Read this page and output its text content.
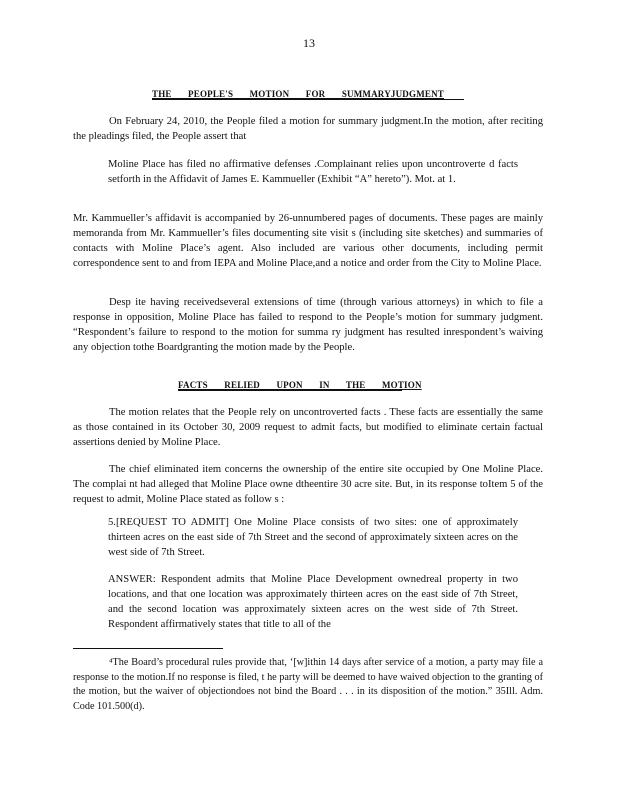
13
THE PEOPLE'S MOTION FOR SUMMARYJUDGMENT

On February 24, 2010, the People filed a motion for summary judgment.In the motion, after reciting the pleadings filed, the People assert that

Moline Place has filed no affirmative defenses .Complainant relies upon uncontroverte d facts setforth in the Affidavit of James E. Kammueller (Exhibit “A” hereto”). Mot. at 1.

Mr. Kammueller’s affidavit is accompanied by 26-unnumbered pages of documents. These pages are mainly memoranda from Mr. Kammueller’s files documenting site visit s (including site sketches) and summaries of contacts with Moline Place’s agent. Also included are various other documents, including permit correspondence sent to and from IEPA and Moline Place,and a notice and order from the City to Moline Place.

Desp ite having receivedseveral extensions of time (through various attorneys) in which to file a response in opposition, Moline Place has failed to respond to the People’s motion for summary judgment. “Respondent’s failure to respond to the motion for summa ry judgment has resulted inrespondent’s waiving any objection tothe Boardgranting the motion made by the People.

FACTS RELIED UPON IN THE MOTION

The motion relates that the People rely on uncontroverted facts . These facts are essentially the same as those contained in its October 30, 2009 request to admit facts, but modified to eliminate certain factual assertions denied by Moline Place.

The chief eliminated item concerns the ownership of the entire site occupied by One Moline Place. The complai nt had alleged that Moline Place owne dtheentire 30 acre site. But, in its response toItem 5 of the request to admit, Moline Place stated as follow s :

5.[REQUEST TO ADMIT] One Moline Place consists of two sites: one of approximately thirteen acres on the east side of 7th Street and the second of approximately sixteen acres on the west side of 7th Street.

ANSWER: Respondent admits that Moline Place Development ownedreal property in two locations, and that one location was approximately thirteen acres on the east side of 7th Street, and the second location was approximately sixteen acres on the west side of 7th Street. Respondent affirmatively states that title to all of the

⁴The Board’s procedural rules provide that, ‘[w]ithin 14 days after service of a motion, a party may file a response to the motion.If no response is filed, t he party will be deemed to have waived objection to the granting of the motion, but the waiver of objectiondoes not bind the Board . . . in its disposition of the motion.” 35Ill. Adm. Code 101.500(d).
